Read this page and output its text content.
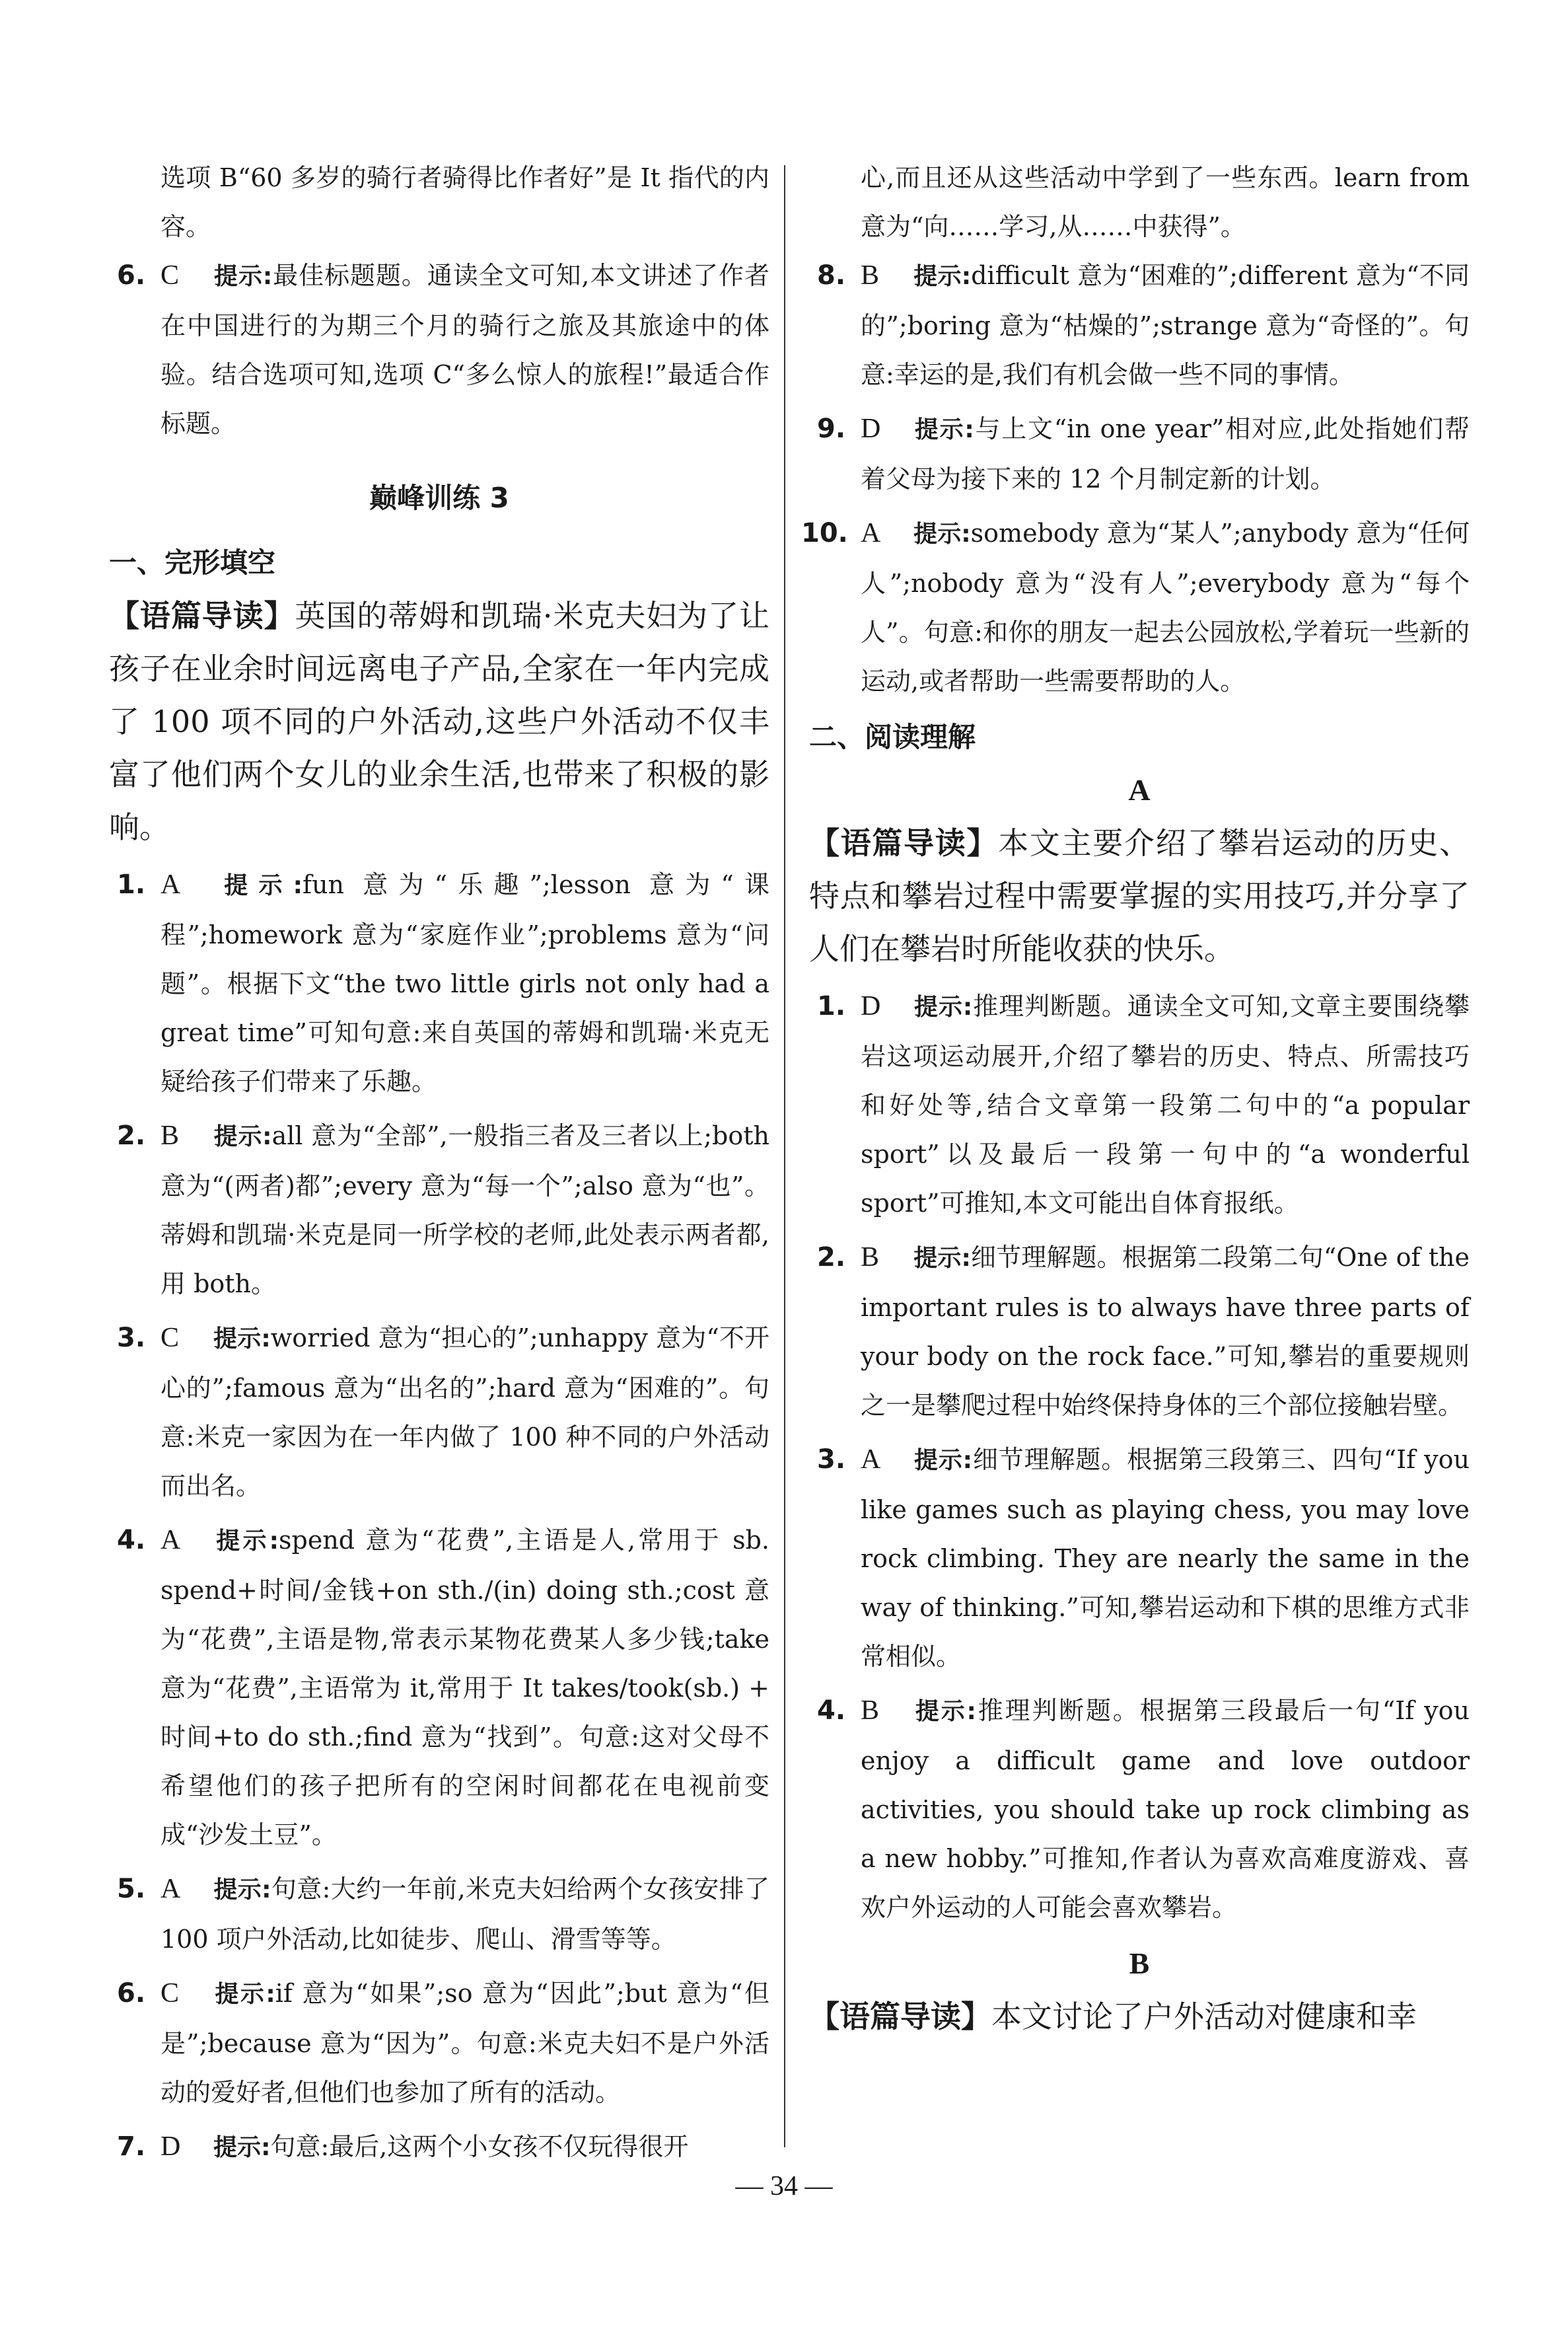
选项 B“60 多岁的骑行者骑得比作者好”是 It 指代的内容。

6. C 提示:最佳标题题。通读全文可知,本文讲述了作者在中国进行的为期三个月的骑行之旅及其旅途中的体验。结合选项可知,选项 C“多么惊人的旅程!”最适合作标题。
巅峰训练 3
一、完形填空

【语篇导读】英国的蒂姆和凯瑞·米克夫妇为了让孩子在业余时间远离电子产品,全家在一年内完成了 100 项不同的户外活动,这些户外活动不仅丰富了他们两个女儿的业余生活,也带来了积极的影响。

1. A 提示:fun 意为“乐趣”;lesson 意为“课程”;homework 意为“家庭作业”;problems 意为“问题”。根据下文“the two little girls not only had a great time”可知句意:来自英国的蒂姆和凯瑞·米克无疑给孩子们带来了乐趣。
2. B 提示:all 意为“全部”,一般指三者及三者以上;both 意为“(两者)都”;every 意为“每一个”;also 意为“也”。蒂姆和凯瑞·米克是同一所学校的老师,此处表示两者都,用 both。
3. C 提示:worried 意为“担心的”;unhappy 意为“不开心的”;famous 意为“出名的”;hard 意为“困难的”。句意:米克一家因为在一年内做了 100 种不同的户外活动而出名。
4. A 提示:spend 意为“花费”,主语是人,常用于 sb. spend+时间/金钱+on sth./(in) doing sth.;cost 意为“花费”,主语是物,常表示某物花费某人多少钱;take 意为“花费”,主语常为 it,常用于 It takes/took(sb.) + 时间+to do sth.;find 意为“找到”。句意:这对父母不希望他们的孩子把所有的空闲时间都花在电视前变成“沙发土豆”。
5. A 提示:句意:大约一年前,米克夫妇给两个女孩安排了 100 项户外活动,比如徒步、爬山、滑雪等等。
6. C 提示:if 意为“如果”;so 意为“因此”;but 意为“但是”;because 意为“因为”。句意:米克夫妇不是户外活动的爱好者,但他们也参加了所有的活动。
7. D 提示:句意:最后,这两个小女孩不仅玩得很开

心,而且还从这些活动中学到了一些东西。learn from 意为“向……学习,从……中获得”。

8. B 提示:difficult 意为“困难的”;different 意为“不同的”;boring 意为“枯燥的”;strange 意为“奇怪的”。句意:幸运的是,我们有机会做一些不同的事情。
9. D 提示:与上文“in one year”相对应,此处指她们帮着父母为接下来的 12 个月制定新的计划。
10. A 提示:somebody 意为“某人”;anybody 意为“任何人”;nobody 意为“没有人”;everybody 意为“每个人”。句意:和你的朋友一起去公园放松,学着玩一些新的运动,或者帮助一些需要帮助的人。
二、阅读理解
A

【语篇导读】本文主要介绍了攀岩运动的历史、特点和攀岩过程中需要掌握的实用技巧,并分享了人们在攀岩时所能收获的快乐。

1. D 提示:推理判断题。通读全文可知,文章主要围绕攀岩这项运动展开,介绍了攀岩的历史、特点、所需技巧和好处等,结合文章第一段第二句中的“a popular sport”以及最后一段第一句中的“a wonderful sport”可推知,本文可能出自体育报纸。
2. B 提示:细节理解题。根据第二段第二句“One of the important rules is to always have three parts of your body on the rock face.”可知,攀岩的重要规则之一是攀爬过程中始终保持身体的三个部位接触岩壁。
3. A 提示:细节理解题。根据第三段第三、四句“If you like games such as playing chess, you may love rock climbing. They are nearly the same in the way of thinking.”可知,攀岩运动和下棋的思维方式非常相似。
4. B 提示:推理判断题。根据第三段最后一句“If you enjoy a difficult game and love outdoor activities, you should take up rock climbing as a new hobby.”可推知,作者认为喜欢高难度游戏、喜欢户外运动的人可能会喜欢攀岩。
B

【语篇导读】本文讨论了户外活动对健康和幸

— 34 —
